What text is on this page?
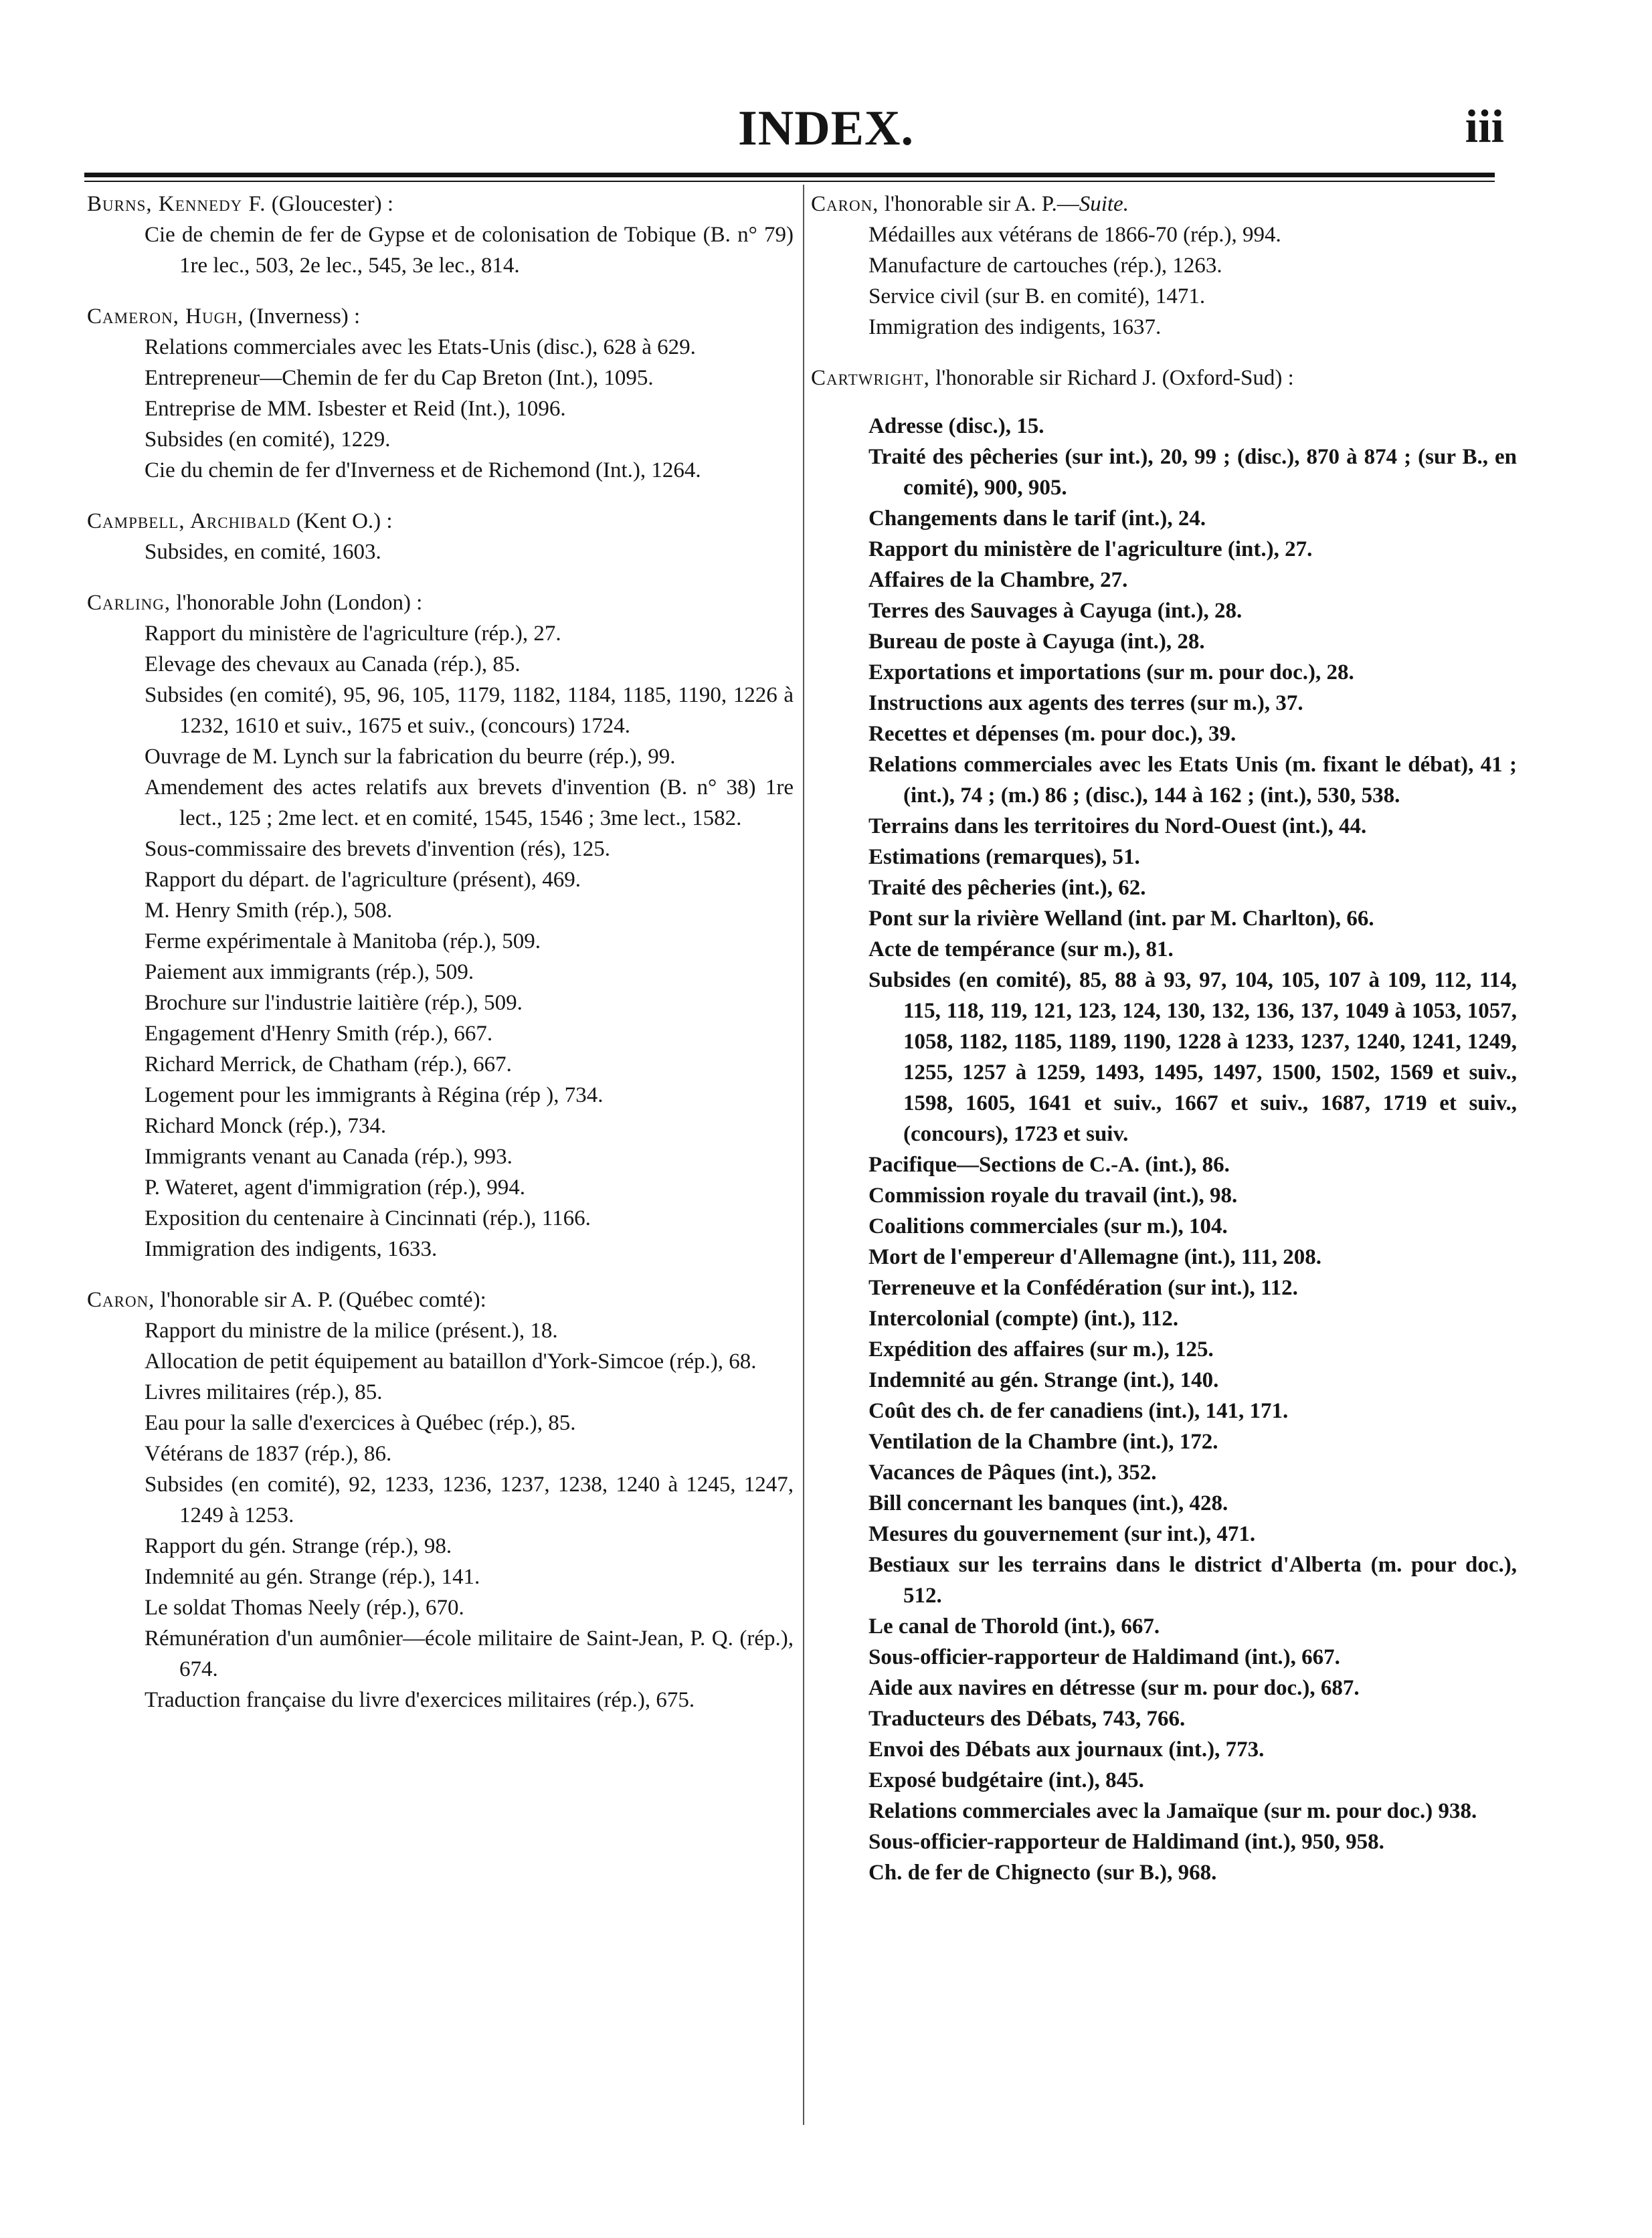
INDEX.	iii
Burns, Kennedy F. (Gloucester) :
Cie de chemin de fer de Gypse et de colonisation de Tobique (B. n° 79) 1re lec., 503, 2e lec., 545, 3e lec., 814.
Cameron, Hugh, (Inverness) :
Relations commerciales avec les Etats-Unis (disc.), 628 à 629.
Entrepreneur—Chemin de fer du Cap Breton (Int.), 1095.
Entreprise de MM. Isbester et Reid (Int.), 1096.
Subsides (en comité), 1229.
Cie du chemin de fer d'Inverness et de Richemond (Int.), 1264.
Campbell, Archibald (Kent O.) :
Subsides, en comité, 1603.
Carling, l'honorable John (London) :
Rapport du ministère de l'agriculture (rép.), 27.
Elevage des chevaux au Canada (rép.), 85.
Subsides (en comité), 95, 96, 105, 1179, 1182, 1184, 1185, 1190, 1226 à 1232, 1610 et suiv., 1675 et suiv., (concours) 1724.
Ouvrage de M. Lynch sur la fabrication du beurre (rép.), 99.
Amendement des actes relatifs aux brevets d'invention (B. n° 38) 1re lect., 125 ; 2me lect. et en comité, 1545, 1546 ; 3me lect., 1582.
Sous-commissaire des brevets d'invention (rés), 125.
Rapport du départ. de l'agriculture (présent), 469.
M. Henry Smith (rép.), 508.
Ferme expérimentale à Manitoba (rép.), 509.
Paiement aux immigrants (rép.), 509.
Brochure sur l'industrie laitière (rép.), 509.
Engagement d'Henry Smith (rép.), 667.
Richard Merrick, de Chatham (rép.), 667.
Logement pour les immigrants à Régina (rép ), 734.
Richard Monck (rép.), 734.
Immigrants venant au Canada (rép.), 993.
P. Wateret, agent d'immigration (rép.), 994.
Exposition du centenaire à Cincinnati (rép.), 1166.
Immigration des indigents, 1633.
Caron, l'honorable sir A. P. (Québec comté):
Rapport du ministre de la milice (présent.), 18.
Allocation de petit équipement au bataillon d'York-Simcoe (rép.), 68.
Livres militaires (rép.), 85.
Eau pour la salle d'exercices à Québec (rép.), 85.
Vétérans de 1837 (rép.), 86.
Subsides (en comité), 92, 1233, 1236, 1237, 1238, 1240 à 1245, 1247, 1249 à 1253.
Rapport du gén. Strange (rép.), 98.
Indemnité au gén. Strange (rép.), 141.
Le soldat Thomas Neely (rép.), 670.
Rémunération d'un aumônier—école militaire de Saint-Jean, P. Q. (rép.), 674.
Traduction française du livre d'exercices militaires (rép.), 675.
Caron, l'honorable sir A. P.—Suite.
Médailles aux vétérans de 1866-70 (rép.), 994.
Manufacture de cartouches (rép.), 1263.
Service civil (sur B. en comité), 1471.
Immigration des indigents, 1637.
Cartwright, l'honorable sir Richard J. (Oxford-Sud) :
Adresse (disc.), 15.
Traité des pêcheries (sur int.), 20, 99 ; (disc.), 870 à 874 ; (sur B., en comité), 900, 905.
Changements dans le tarif (int.), 24.
Rapport du ministère de l'agriculture (int.), 27.
Affaires de la Chambre, 27.
Terres des Sauvages à Cayuga (int.), 28.
Bureau de poste à Cayuga (int.), 28.
Exportations et importations (sur m. pour doc.), 28.
Instructions aux agents des terres (sur m.), 37.
Recettes et dépenses (m. pour doc.), 39.
Relations commerciales avec les Etats Unis (m. fixant le débat), 41 ; (int.), 74 ; (m.) 86 ; (disc.), 144 à 162 ; (int.), 530, 538.
Terrains dans les territoires du Nord-Ouest (int.), 44.
Estimations (remarques), 51.
Traité des pêcheries (int.), 62.
Pont sur la rivière Welland (int. par M. Charlton), 66.
Acte de tempérance (sur m.), 81.
Subsides (en comité), 85, 88 à 93, 97, 104, 105, 107 à 109, 112, 114, 115, 118, 119, 121, 123, 124, 130, 132, 136, 137, 1049 à 1053, 1057, 1058, 1182, 1185, 1189, 1190, 1228 à 1233, 1237, 1240, 1241, 1249, 1255, 1257 à 1259, 1493, 1495, 1497, 1500, 1502, 1569 et suiv., 1598, 1605, 1641 et suiv., 1667 et suiv., 1687, 1719 et suiv., (concours), 1723 et suiv.
Pacifique—Sections de C.-A. (int.), 86.
Commission royale du travail (int.), 98.
Coalitions commerciales (sur m.), 104.
Mort de l'empereur d'Allemagne (int.), 111, 208.
Terreneuve et la Confédération (sur int.), 112.
Intercolonial (compte) (int.), 112.
Expédition des affaires (sur m.), 125.
Indemnité au gén. Strange (int.), 140.
Coût des ch. de fer canadiens (int.), 141, 171.
Ventilation de la Chambre (int.), 172.
Vacances de Pâques (int.), 352.
Bill concernant les banques (int.), 428.
Mesures du gouvernement (sur int.), 471.
Bestiaux sur les terrains dans le district d'Alberta (m. pour doc.), 512.
Le canal de Thorold (int.), 667.
Sous-officier-rapporteur de Haldimand (int.), 667.
Aide aux navires en détresse (sur m. pour doc.), 687.
Traducteurs des Débats, 743, 766.
Envoi des Débats aux journaux (int.), 773.
Exposé budgétaire (int.), 845.
Relations commerciales avec la Jamaïque (sur m. pour doc.) 938.
Sous-officier-rapporteur de Haldimand (int.), 950, 958.
Ch. de fer de Chignecto (sur B.), 968.
